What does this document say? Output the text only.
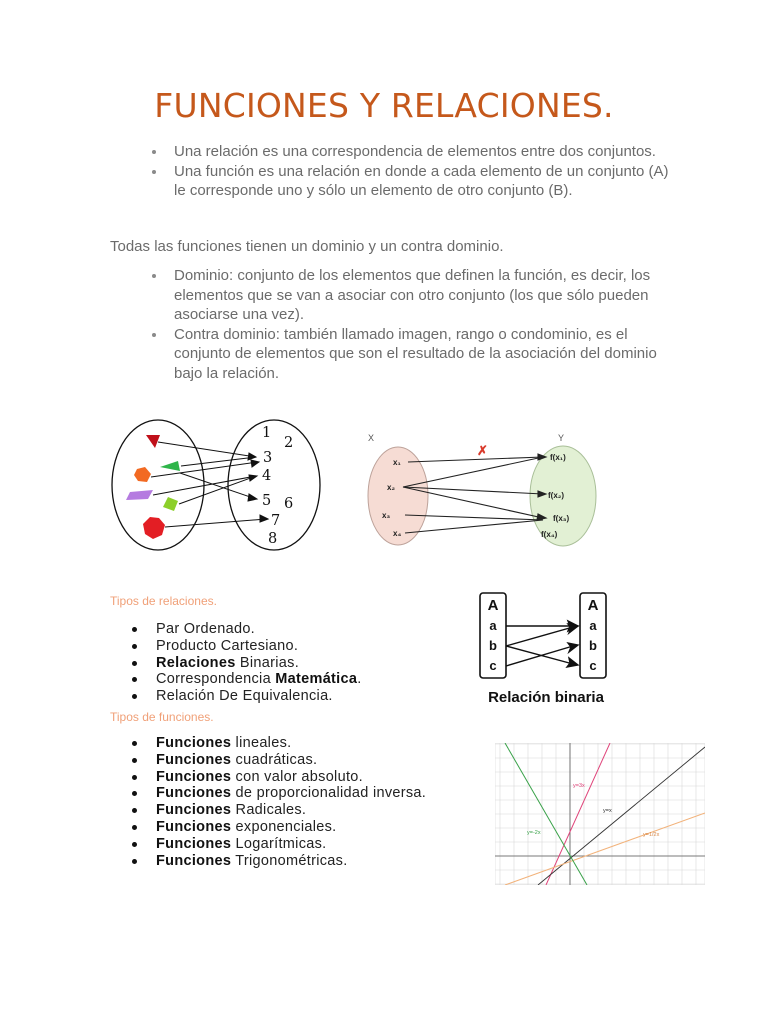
FUNCIONES Y RELACIONES.
Una relación es una correspondencia de elementos entre dos conjuntos.
Una función es una relación en donde a cada elemento de un conjunto (A) le corresponde uno y sólo un elemento de otro conjunto (B).

Todas las funciones tienen un dominio y un contra dominio.

Dominio: conjunto de los elementos que definen la función, es decir, los elementos que se van a asociar con otro conjunto (los que sólo pueden asociarse una vez).
Contra dominio: también llamado imagen, rango o condominio, es el conjunto de elementos que son el resultado de la asociación del dominio bajo la relación.
1
2
3
4
5 6
7
8
X	Y
✗
x₁
x₂
x₃
x₄
f(x₁)
f(x₂)
f(x₃)
f(x₄)

Tipos de relaciones.

Par Ordenado.
Producto Cartesiano.
Relaciones Binarias.
Correspondencia Matemática.
Relación De Equivalencia.
A
a
b
c
A
a
b
c
Relación binaria

Tipos de funciones.

Funciones lineales.
Funciones cuadráticas.
Funciones con valor absoluto.
Funciones de proporcionalidad inversa.
Funciones Radicales.
Funciones exponenciales.
Funciones Logarítmicas.
Funciones Trigonométricas.
y=3x
y=x
y=1/2x
y=-2x
